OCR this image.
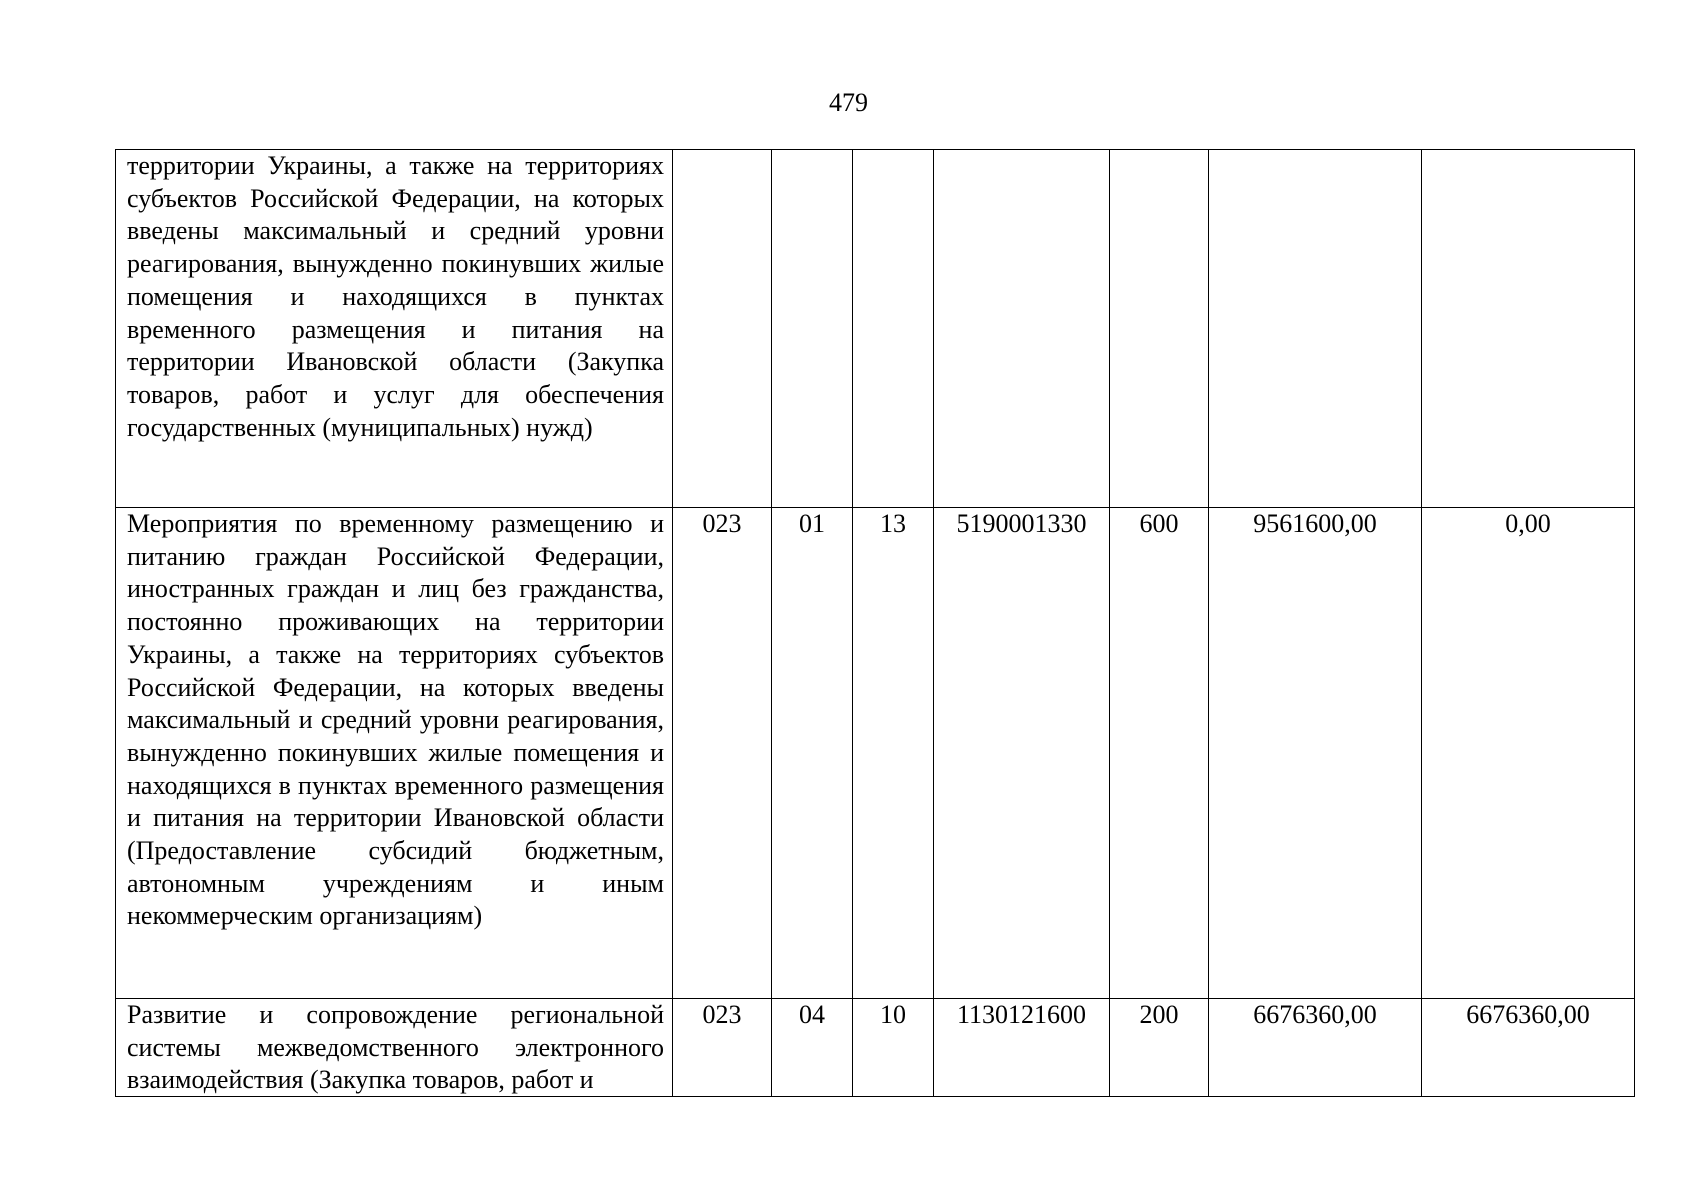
479
территории Украины, а также на территориях субъектов Российской Федерации, на которых введены максимальный и средний уровни реагирования, вынужденно покинувших жилые помещения и находящихся в пунктах временного размещения и питания на территории Ивановской области (Закупка товаров, работ и услуг для обеспечения государственных (муниципальных) нужд)							

Мероприятия по временному размещению и питанию граждан Российской Федерации, иностранных граждан и лиц без гражданства, постоянно проживающих на территории Украины, а также на территориях субъектов Российской Федерации, на которых введены максимальный и средний уровни реагирования, вынужденно покинувших жилые помещения и находящихся в пунктах временного размещения и питания на территории Ивановской области (Предоставление субсидий бюджетным, автономным учреждениям и иным некоммерческим организациям)	023	01	13	5190001330	600	9561600,00	0,00

Развитие и сопровождение региональной системы межведомственного электронного взаимодействия (Закупка товаров, работ и	023	04	10	1130121600	200	6676360,00	6676360,00
